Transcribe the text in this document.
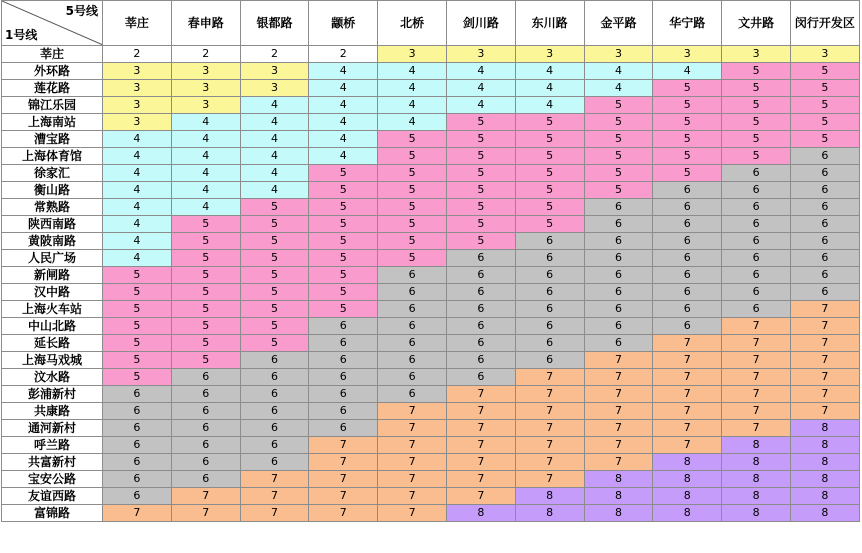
5号线
1号线	莘庄	春申路	银都路	颛桥	北桥	剑川路	东川路	金平路	华宁路	文井路	闵行开发区
莘庄	2	2	2	2	3	3	3	3	3	3	3
外环路	3	3	3	4	4	4	4	4	4	5	5
莲花路	3	3	3	4	4	4	4	4	5	5	5
锦江乐园	3	3	4	4	4	4	4	5	5	5	5
上海南站	3	4	4	4	4	5	5	5	5	5	5
漕宝路	4	4	4	4	5	5	5	5	5	5	5
上海体育馆	4	4	4	4	5	5	5	5	5	5	6
徐家汇	4	4	4	5	5	5	5	5	5	6	6
衡山路	4	4	4	5	5	5	5	5	6	6	6
常熟路	4	4	5	5	5	5	5	6	6	6	6
陕西南路	4	5	5	5	5	5	5	6	6	6	6
黄陂南路	4	5	5	5	5	5	6	6	6	6	6
人民广场	4	5	5	5	5	6	6	6	6	6	6
新闸路	5	5	5	5	6	6	6	6	6	6	6
汉中路	5	5	5	5	6	6	6	6	6	6	6
上海火车站	5	5	5	5	6	6	6	6	6	6	7
中山北路	5	5	5	6	6	6	6	6	6	7	7
延长路	5	5	5	6	6	6	6	6	7	7	7
上海马戏城	5	5	6	6	6	6	6	7	7	7	7
汶水路	5	6	6	6	6	6	7	7	7	7	7
彭浦新村	6	6	6	6	6	7	7	7	7	7	7
共康路	6	6	6	6	7	7	7	7	7	7	7
通河新村	6	6	6	6	7	7	7	7	7	7	8
呼兰路	6	6	6	7	7	7	7	7	7	8	8
共富新村	6	6	6	7	7	7	7	7	8	8	8
宝安公路	6	6	7	7	7	7	7	8	8	8	8
友谊西路	6	7	7	7	7	7	8	8	8	8	8
富锦路	7	7	7	7	7	8	8	8	8	8	8
